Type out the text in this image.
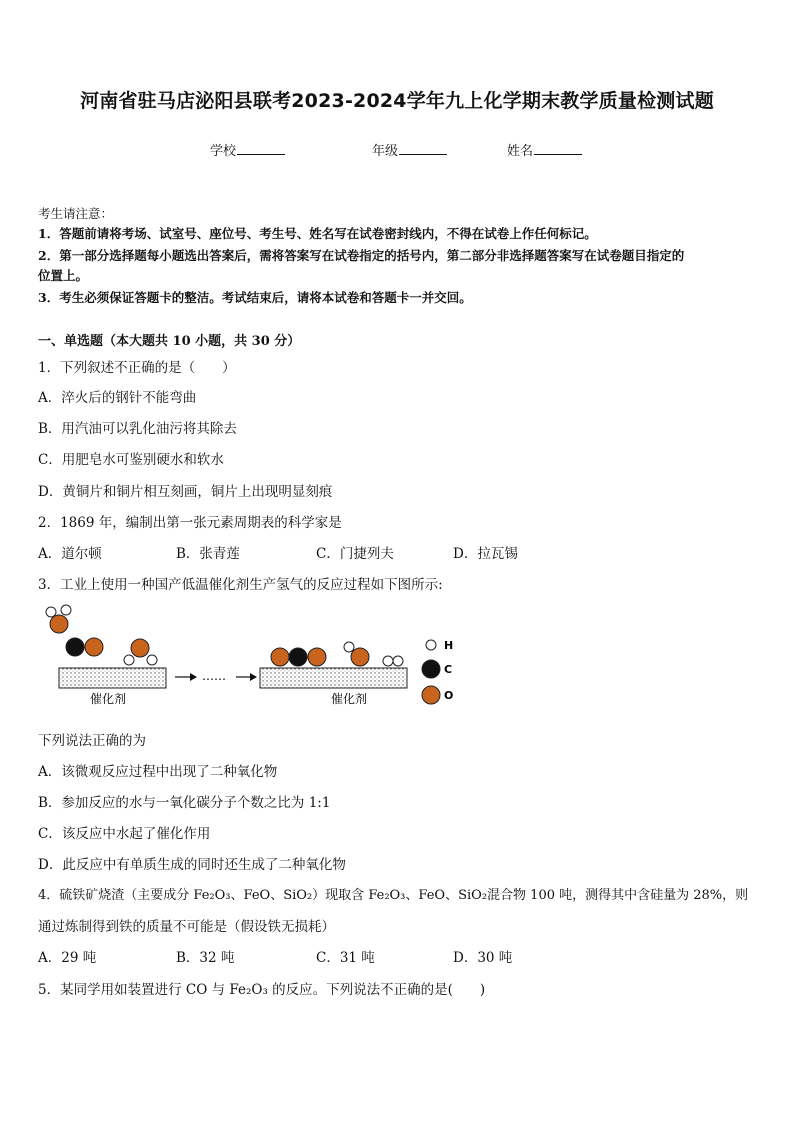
河南省驻马店泌阳县联考2023-2024学年九上化学期末教学质量检测试题
学校	年级	姓名
考生请注意：
1．答题前请将考场、试室号、座位号、考生号、姓名写在试卷密封线内，不得在试卷上作任何标记。
2．第一部分选择题每小题选出答案后，需将答案写在试卷指定的括号内，第二部分非选择题答案写在试卷题目指定的
位置上。
3．考生必须保证答题卡的整洁。考试结束后，请将本试卷和答题卡一并交回。
一、单选题（本大题共 10 小题，共 30 分）
1．下列叙述不正确的是（　　）
A．淬火后的钢针不能弯曲
B．用汽油可以乳化油污将其除去
C．用肥皂水可鉴别硬水和软水
D．黄铜片和铜片相互刻画，铜片上出现明显刻痕
2．1869 年，编制出第一张元素周期表的科学家是
A．道尔顿	B．张青莲	C．门捷列夫	D．拉瓦锡
3．工业上使用一种国产低温催化剂生产氢气的反应过程如下图所示:
催化剂
……
催化剂
H
C
O
下列说法正确的为
A．该微观反应过程中出现了二种氧化物
B．参加反应的水与一氧化碳分子个数之比为 1:1
C．该反应中水起了催化作用
D．此反应中有单质生成的同时还生成了二种氧化物
4．硫铁矿烧渣（主要成分 Fe₂O₃、FeO、SiO₂）现取含 Fe₂O₃、FeO、SiO₂混合物 100 吨，测得其中含硅量为 28%，则
通过炼制得到铁的质量不可能是（假设铁无损耗）
A．29 吨	B．32 吨	C．31 吨	D．30 吨
5．某同学用如装置进行 CO 与 Fe₂O₃ 的反应。下列说法不正确的是(　　)
